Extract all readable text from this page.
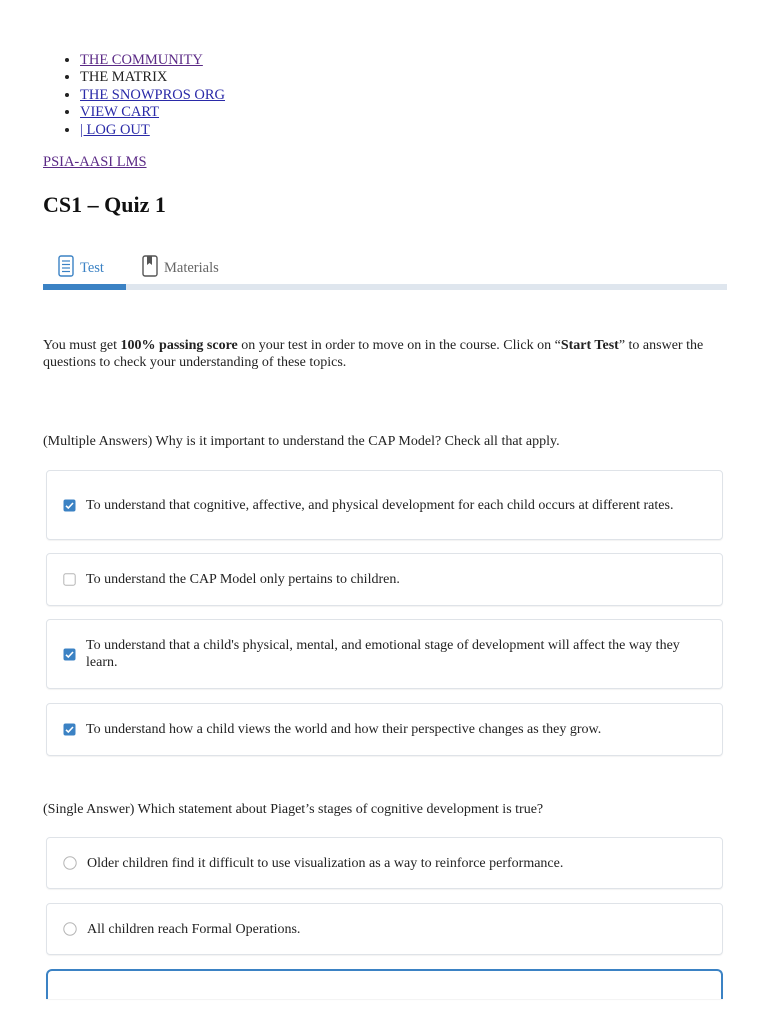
• THE COMMUNITY
• THE MATRIX
• THE SNOWPROS ORG
• VIEW CART
• | LOG OUT
PSIA-AASI LMS
CS1 – Quiz 1
Test	Materials

You must get 100% passing score on your test in order to move on in the course. Click on “Start Test” to answer the questions to check your understanding of these topics.

(Multiple Answers) Why is it important to understand the CAP Model? Check all that apply.
To understand that cognitive, affective, and physical development for each child occurs at different rates.
To understand the CAP Model only pertains to children.
To understand that a child's physical, mental, and emotional stage of development will affect the way they learn.
To understand how a child views the world and how their perspective changes as they grow.
(Single Answer) Which statement about Piaget’s stages of cognitive development is true?
Older children find it difficult to use visualization as a way to reinforce performance.
All children reach Formal Operations.
